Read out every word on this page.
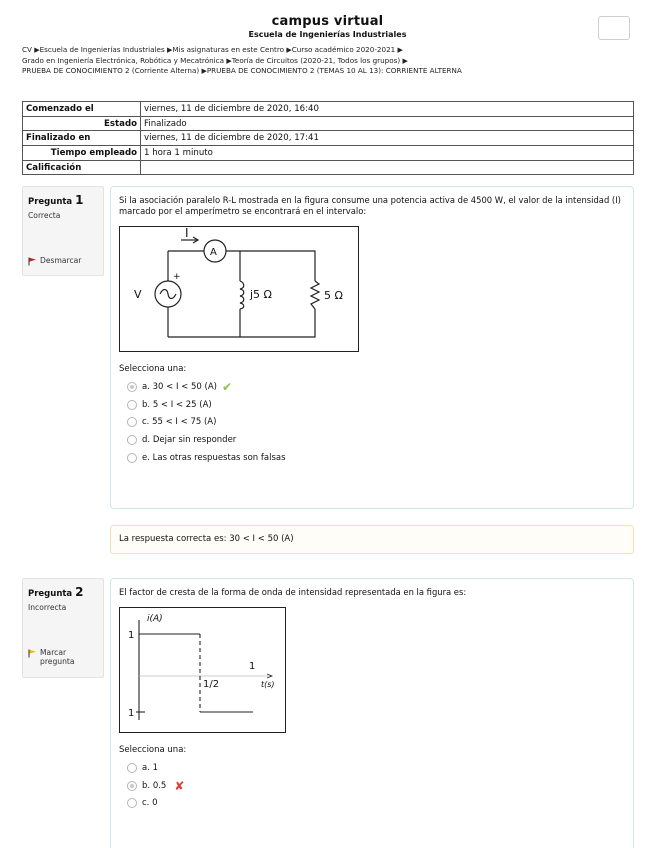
campus virtual
Escuela de Ingenierías Industriales
CV ▶Escuela de Ingenierías Industriales ▶Mis asignaturas en este Centro ▶Curso académico 2020-2021 ▶
Grado en Ingeniería Electrónica, Robótica y Mecatrónica ▶Teoría de Circuitos (2020-21, Todos los grupos) ▶
PRUEBA DE CONOCIMIENTO 2 (Corriente Alterna) ▶PRUEBA DE CONOCIMIENTO 2 (TEMAS 10 AL 13): CORRIENTE ALTERNA
Comenzado el	viernes, 11 de diciembre de 2020, 16:40
Estado	Finalizado
Finalizado en	viernes, 11 de diciembre de 2020, 17:41
Tiempo empleado	1 hora 1 minuto
Calificación	
Pregunta 1
Correcta
Desmarcar
Si la asociación paralelo R-L mostrada en la figura consume una potencia activa de 4500 W, el valor de la intensidad (I) marcado por el amperímetro se encontrará en el intervalo:
I
A
+
V	j5 Ω	5 Ω
Selecciona una:
a.
30 < I < 50 (A) ✔
b.
5 < I < 25 (A)
c.
55 < I < 75 (A)
d.
Dejar sin responder
e.
Las otras respuestas son falsas
La respuesta correcta es: 30 < I < 50 (A)
Pregunta 2
Incorrecta
Marcar pregunta
El factor de cresta de la forma de onda de intensidad representada en la figura es:
i(A)
1
1
1/2
1
t(s)
Selecciona una:
a.
1
b.
0.5 ✘
c.
0
